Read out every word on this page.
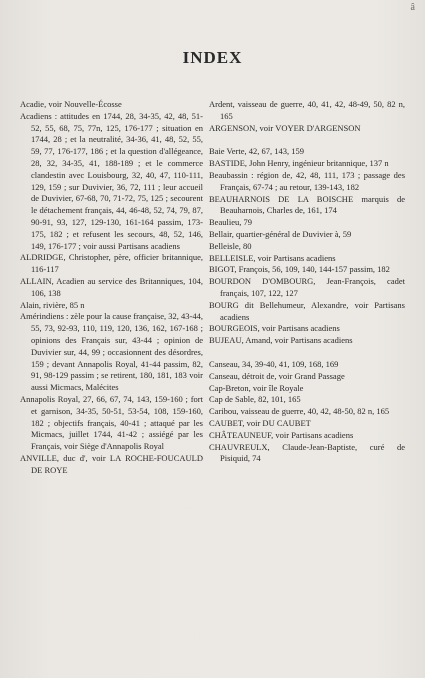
â
INDEX

Acadie, voir Nouvelle-Écosse

Acadiens : attitudes en 1744, 28, 34-35, 42, 48, 51-52, 55, 68, 75, 77n, 125, 176-177 ; situation en 1744, 28 ; et la neutralité, 34-36, 41, 48, 52, 55, 59, 77, 176-177, 186 ; et la question d'allégeance, 28, 32, 34-35, 41, 188-189 ; et le commerce clandestin avec Louisbourg, 32, 40, 47, 110-111, 129, 159 ; sur Duvivier, 36, 72, 111 ; leur accueil de Duvivier, 67-68, 70, 71-72, 75, 125 ; secourent le détachement français, 44, 46-48, 52, 74, 79, 87, 90-91, 93, 127, 129-130, 161-164 passim, 173-175, 182 ; et refusent les secours, 48, 52, 146, 149, 176-177 ; voir aussi Partisans acadiens

ALDRIDGE, Christopher, père, officier britannique, 116-117

ALLAIN, Acadien au service des Britanniques, 104, 106, 138

Alain, rivière, 85 n

Amérindiens : zèle pour la cause française, 32, 43-44, 55, 73, 92-93, 110, 119, 120, 136, 162, 167-168 ; opinions des Français sur, 43-44 ; opinion de Duvivier sur, 44, 99 ; occasionnent des désordres, 159 ; devant Annapolis Royal, 41-44 passim, 82, 91, 98-129 passim ; se retirent, 180, 181, 183 voir aussi Micmacs, Malécites

Annapolis Royal, 27, 66, 67, 74, 143, 159-160 ; fort et garnison, 34-35, 50-51, 53-54, 108, 159-160, 182 ; objectifs français, 40-41 ; attaqué par les Micmacs, juillet 1744, 41-42 ; assiégé par les Français, voir Siège d'Annapolis Royal

ANVILLE, duc d', voir LA ROCHE-FOUCAULD DE ROYE

Ardent, vaisseau de guerre, 40, 41, 42, 48-49, 50, 82 n, 165

ARGENSON, voir VOYER D'ARGENSON

Baie Verte, 42, 67, 143, 159

BASTIDE, John Henry, ingénieur britannique, 137 n

Beaubassin : région de, 42, 48, 111, 173 ; passage des Français, 67-74 ; au retour, 139-143, 182

BEAUHARNOIS DE LA BOISCHE marquis de Beauharnois, Charles de, 161, 174

Beaulieu, 79

Bellair, quartier-général de Duvivier à, 59

Belleisle, 80

BELLEISLE, voir Partisans acadiens

BIGOT, François, 56, 109, 140, 144-157 passim, 182

BOURDON D'OMBOURG, Jean-François, cadet français, 107, 122, 127

BOURG dit Bellehumeur, Alexandre, voir Partisans acadiens

BOURGEOIS, voir Partisans acadiens

BUJEAU, Amand, voir Partisans acadiens

Canseau, 34, 39-40, 41, 109, 168, 169

Canseau, détroit de, voir Grand Passage

Cap-Breton, voir île Royale

Cap de Sable, 82, 101, 165

Caribou, vaisseau de guerre, 40, 42, 48-50, 82 n, 165

CAUBET, voir DU CAUBET

CHÂTEAUNEUF, voir Partisans acadiens

CHAUVREULX, Claude-Jean-Baptiste, curé de Pisiquid, 74
